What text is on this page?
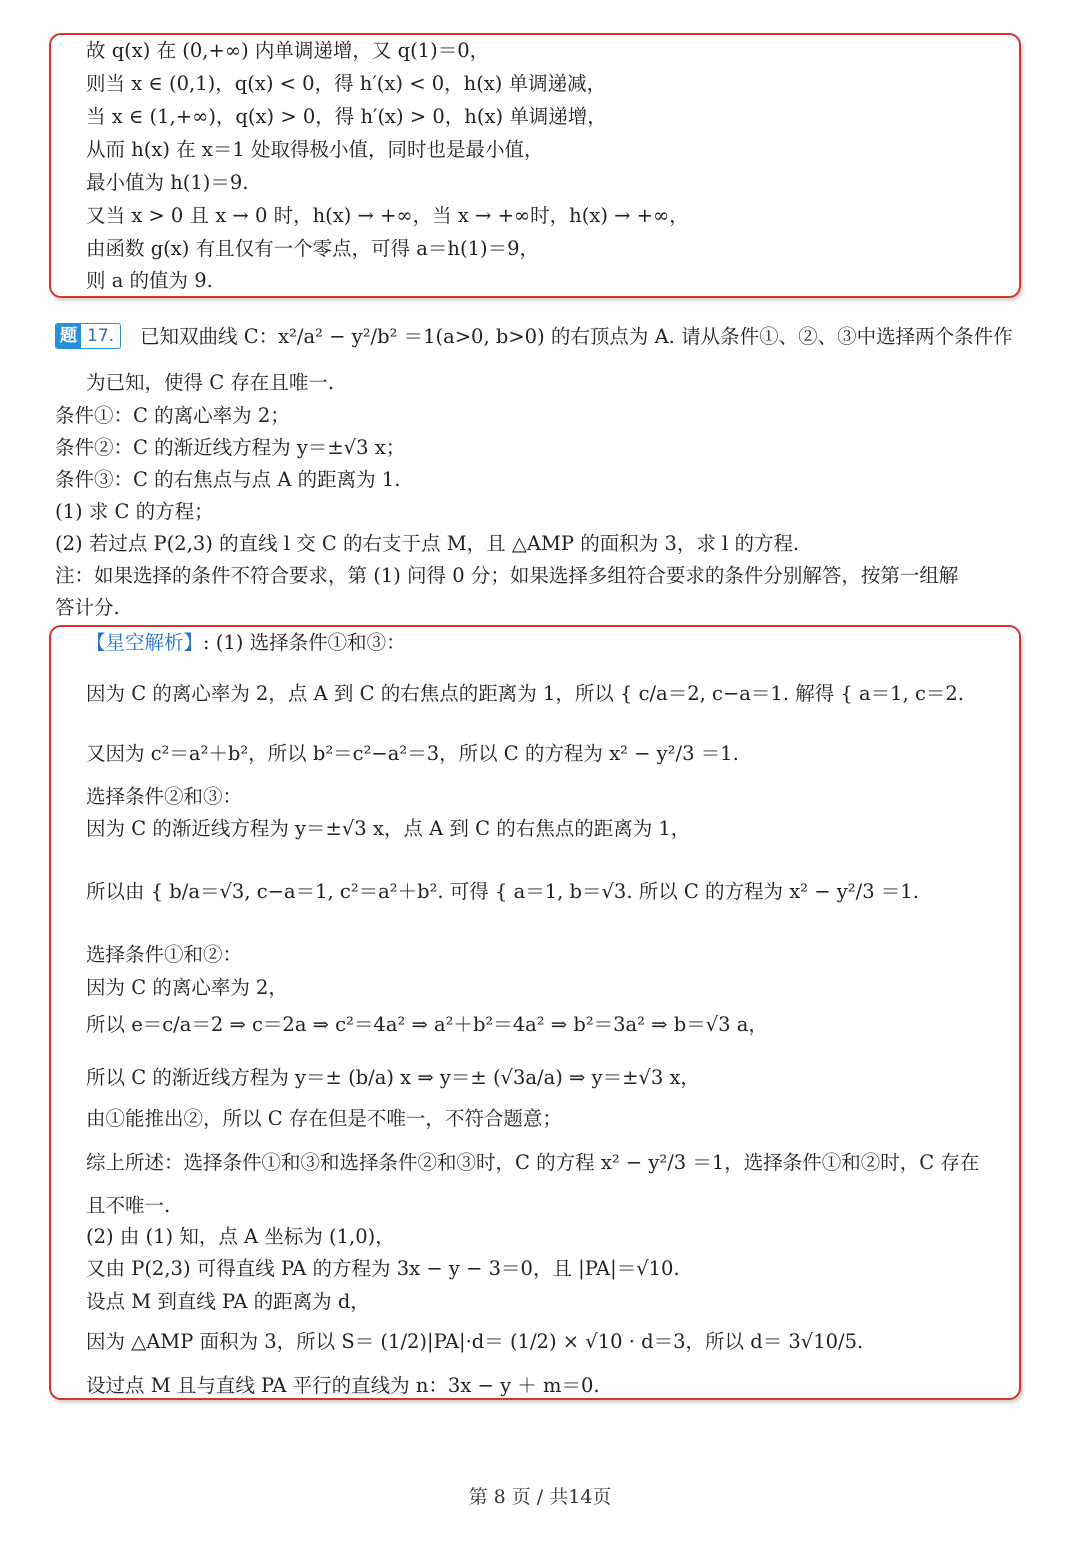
故 q(x) 在 (0,+∞) 内单调递增，又 q(1)＝0，
则当 x ∈ (0,1)，q(x) < 0，得 h′(x) < 0，h(x) 单调递减，
当 x ∈ (1,+∞)，q(x) > 0，得 h′(x) > 0，h(x) 单调递增，
从而 h(x) 在 x＝1 处取得极小值，同时也是最小值，
最小值为 h(1)＝9.
又当 x > 0 且 x → 0 时，h(x) → +∞，当 x → +∞时，h(x) → +∞，
由函数 g(x) 有且仅有一个零点，可得 a＝h(1)＝9，
则 a 的值为 9.
题 17.	已知双曲线 C：x²/a² − y²/b² ＝1(a>0, b>0) 的右顶点为 A. 请从条件①、②、③中选择两个条件作
为已知，使得 C 存在且唯一.
条件①：C 的离心率为 2；
条件②：C 的渐近线方程为 y＝±√3 x；
条件③：C 的右焦点与点 A 的距离为 1.
(1) 求 C 的方程；
(2) 若过点 P(2,3) 的直线 l 交 C 的右支于点 M，且 △AMP 的面积为 3，求 l 的方程.
注：如果选择的条件不符合要求，第 (1) 问得 0 分；如果选择多组符合要求的条件分别解答，按第一组解
答计分.
【星空解析】: (1) 选择条件①和③：
因为 C 的离心率为 2，点 A 到 C 的右焦点的距离为 1，所以 { c/a＝2, c−a＝1. 解得 { a＝1, c＝2.
又因为 c²＝a²＋b²，所以 b²＝c²−a²＝3，所以 C 的方程为 x² − y²/3 ＝1.
选择条件②和③：
因为 C 的渐近线方程为 y＝±√3 x，点 A 到 C 的右焦点的距离为 1，
所以由 { b/a＝√3, c−a＝1, c²＝a²＋b². 可得 { a＝1, b＝√3. 所以 C 的方程为 x² − y²/3 ＝1.
选择条件①和②：
因为 C 的离心率为 2，
所以 e＝c/a＝2 ⇒ c＝2a ⇒ c²＝4a² ⇒ a²＋b²＝4a² ⇒ b²＝3a² ⇒ b＝√3 a，
所以 C 的渐近线方程为 y＝± (b/a) x ⇒ y＝± (√3a/a) ⇒ y＝±√3 x，
由①能推出②，所以 C 存在但是不唯一，不符合题意；
综上所述：选择条件①和③和选择条件②和③时，C 的方程 x² − y²/3 ＝1，选择条件①和②时，C 存在
且不唯一.
(2) 由 (1) 知，点 A 坐标为 (1,0)，
又由 P(2,3) 可得直线 PA 的方程为 3x − y − 3＝0，且 |PA|＝√10.
设点 M 到直线 PA 的距离为 d，
因为 △AMP 面积为 3，所以 S＝ (1/2)|PA|·d＝ (1/2) × √10 · d＝3，所以 d＝ 3√10/5.
设过点 M 且与直线 PA 平行的直线为 n：3x − y ＋ m＝0.
第 8 页 / 共14页
